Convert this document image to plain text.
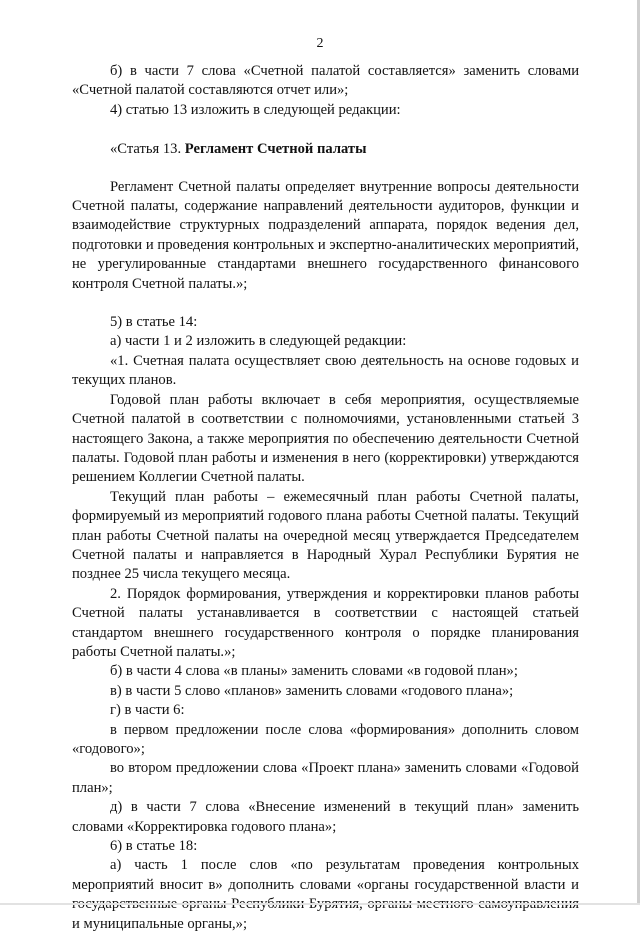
2

б) в части 7 слова «Счетной палатой составляется» заменить словами «Счетной палатой составляются отчет или»;

4) статью 13 изложить в следующей редакции:

«Статья 13. Регламент Счетной палаты

Регламент Счетной палаты определяет внутренние вопросы деятельности Счетной палаты, содержание направлений деятельности аудиторов, функции и взаимодействие структурных подразделений аппарата, порядок ведения дел, подготовки и проведения контрольных и экспертно-аналитических мероприятий, не урегулированные стандартами внешнего государственного финансового контроля Счетной палаты.»;

5) в статье 14:

а) части 1 и 2 изложить в следующей редакции:

«1. Счетная палата осуществляет свою деятельность на основе годовых и текущих планов.

Годовой план работы включает в себя мероприятия, осуществляемые Счетной палатой в соответствии с полномочиями, установленными статьей 3 настоящего Закона, а также мероприятия по обеспечению деятельности Счетной палаты. Годовой план работы и изменения в него (корректировки) утверждаются решением Коллегии Счетной палаты.

Текущий план работы – ежемесячный план работы Счетной палаты, формируемый из мероприятий годового плана работы Счетной палаты. Текущий план работы Счетной палаты на очередной месяц утверждается Председателем Счетной палаты и направляется в Народный Хурал Республики Бурятия не позднее 25 числа текущего месяца.

2. Порядок формирования, утверждения и корректировки планов работы Счетной палаты устанавливается в соответствии с настоящей статьей стандартом внешнего государственного контроля о порядке планирования работы Счетной палаты.»;

б) в части 4 слова «в планы» заменить словами «в годовой план»;

в) в части 5 слово «планов» заменить словами «годового плана»;

г) в части 6:

в первом предложении после слова «формирования» дополнить словом «годового»;

во втором предложении слова «Проект плана» заменить словами «Годовой план»;

д) в части 7 слова «Внесение изменений в текущий план» заменить словами «Корректировка годового плана»;

6) в статье 18:

а) часть 1 после слов «по результатам проведения контрольных мероприятий вносит в» дополнить словами «органы государственной власти и и муниципальные органы,»;
